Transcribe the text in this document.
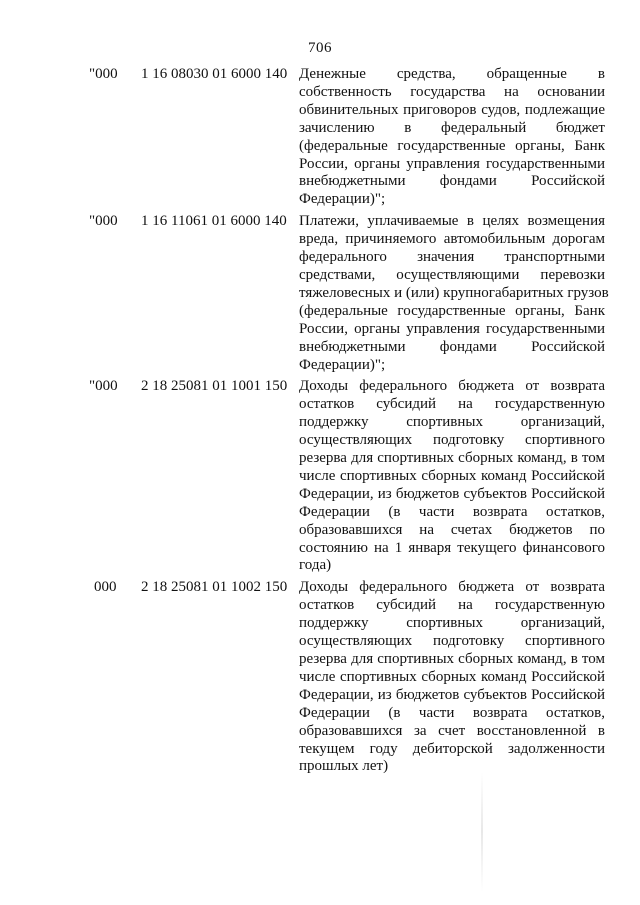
706
"000	1 16 08030 01 6000 140 Денежные средства, обращенные в
собственность государства на основании
обвинительных приговоров судов, подлежащие
зачислению в федеральный бюджет
(федеральные государственные органы, Банк
России, органы управления государственными
внебюджетными фондами Российской
Федерации)";
"000	1 16 11061 01 6000 140 Платежи, уплачиваемые в целях возмещения
вреда, причиняемого автомобильным дорогам
федерального значения транспортными
средствами, осуществляющими перевозки
тяжеловесных и (или) крупногабаритных грузов
(федеральные государственные органы, Банк
России, органы управления государственными
внебюджетными фондами Российской
Федерации)";
"000	2 18 25081 01 1001 150 Доходы федерального бюджета от возврата
остатков субсидий на государственную
поддержку спортивных организаций,
осуществляющих подготовку спортивного
резерва для спортивных сборных команд, в том
числе спортивных сборных команд Российской
Федерации, из бюджетов субъектов Российской
Федерации (в части возврата остатков,
образовавшихся на счетах бюджетов по
состоянию на 1 января текущего финансового
года)
000	2 18 25081 01 1002 150 Доходы федерального бюджета от возврата
остатков субсидий на государственную
поддержку спортивных организаций,
осуществляющих подготовку спортивного
резерва для спортивных сборных команд, в том
числе спортивных сборных команд Российской
Федерации, из бюджетов субъектов Российской
Федерации (в части возврата остатков,
образовавшихся за счет восстановленной в
текущем году дебиторской задолженности
прошлых лет)
